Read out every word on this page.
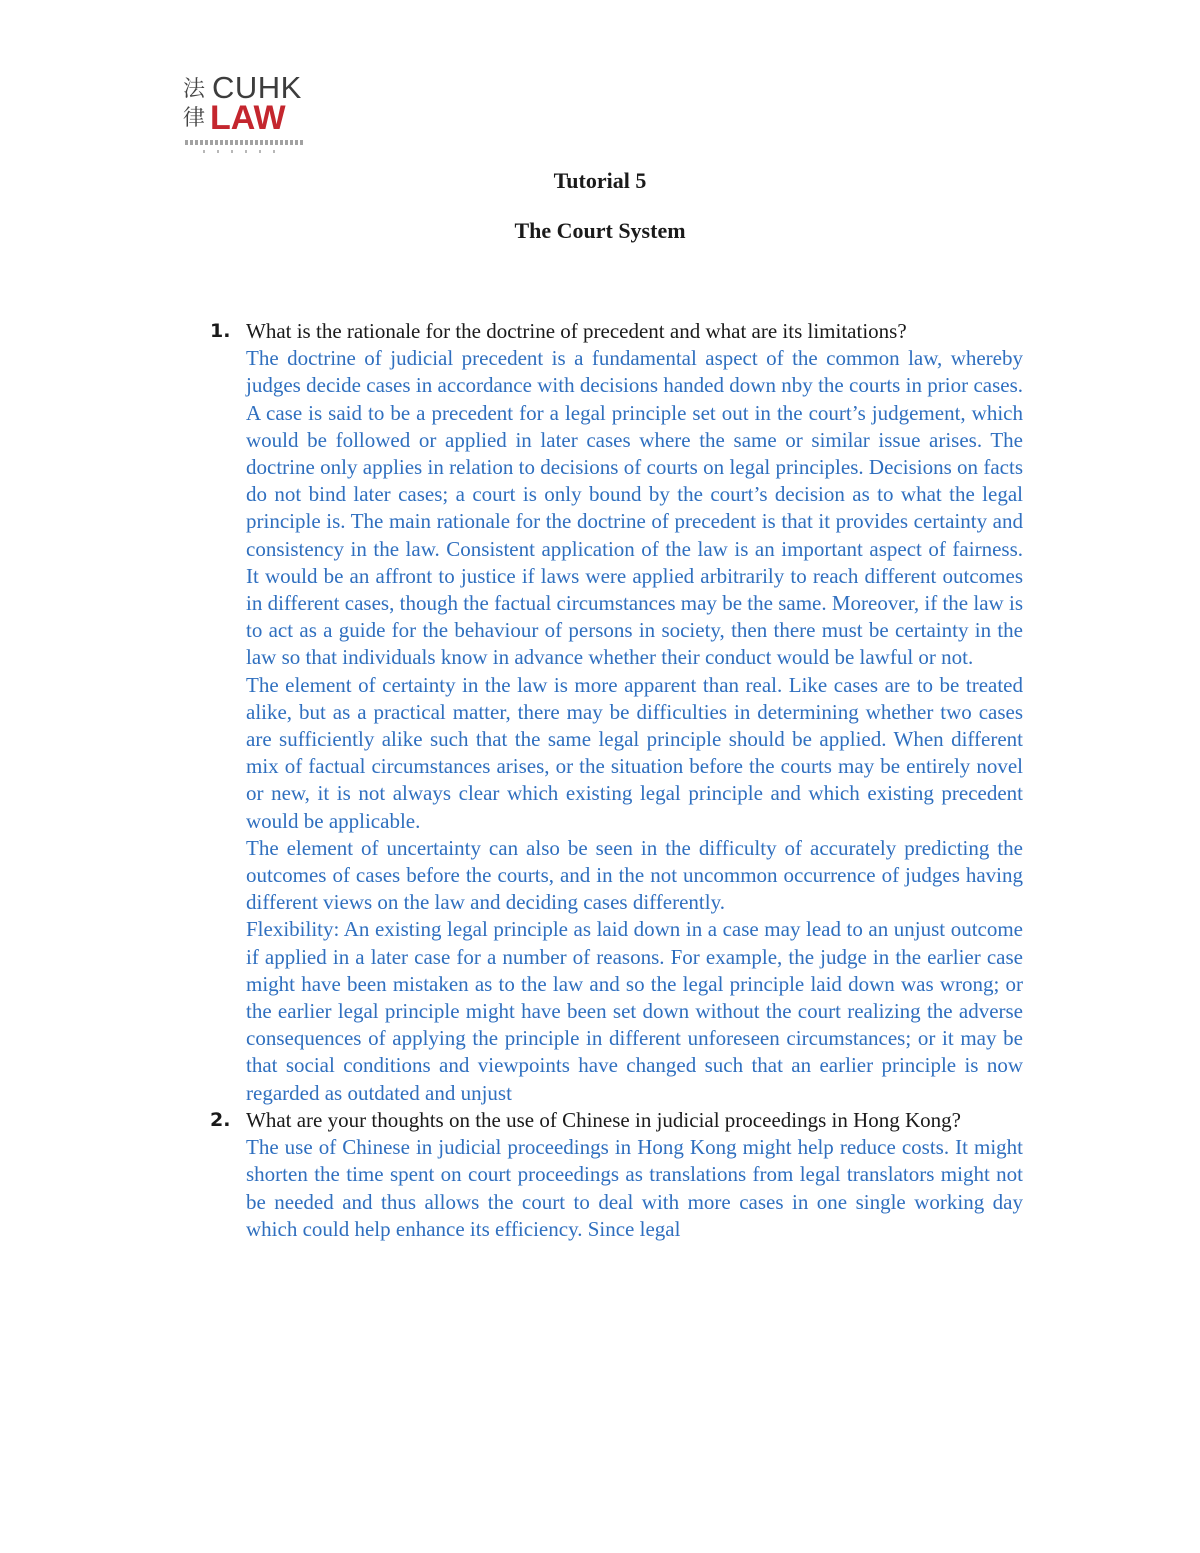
法律
CUHK
LAW
Tutorial 5
The Court System
1. What is the rationale for the doctrine of precedent and what are its limitations?

The doctrine of judicial precedent is a fundamental aspect of the common law, whereby judges decide cases in accordance with decisions handed down nby the courts in prior cases. A case is said to be a precedent for a legal principle set out in the court’s judgement, which would be followed or applied in later cases where the same or similar issue arises. The doctrine only applies in relation to decisions of courts on legal principles. Decisions on facts do not bind later cases; a court is only bound by the court’s decision as to what the legal principle is. The main rationale for the doctrine of precedent is that it provides certainty and consistency in the law. Consistent application of the law is an important aspect of fairness. It would be an affront to justice if laws were applied arbitrarily to reach different outcomes in different cases, though the factual circumstances may be the same. Moreover, if the law is to act as a guide for the behaviour of persons in society, then there must be certainty in the law so that individuals know in advance whether their conduct would be lawful or not.

The element of certainty in the law is more apparent than real. Like cases are to be treated alike, but as a practical matter, there may be difficulties in determining whether two cases are sufficiently alike such that the same legal principle should be applied. When different mix of factual circumstances arises, or the situation before the courts may be entirely novel or new, it is not always clear which existing legal principle and which existing precedent would be applicable.

The element of uncertainty can also be seen in the difficulty of accurately predicting the outcomes of cases before the courts, and in the not uncommon occurrence of judges having different views on the law and deciding cases differently.

Flexibility: An existing legal principle as laid down in a case may lead to an unjust outcome if applied in a later case for a number of reasons. For example, the judge in the earlier case might have been mistaken as to the law and so the legal principle laid down was wrong; or the earlier legal principle might have been set down without the court realizing the adverse consequences of applying the principle in different unforeseen circumstances; or it may be that social conditions and viewpoints have changed such that an earlier principle is now regarded as outdated and unjust

2. What are your thoughts on the use of Chinese in judicial proceedings in Hong Kong?

The use of Chinese in judicial proceedings in Hong Kong might help reduce costs. It might shorten the time spent on court proceedings as translations from legal translators might not be needed and thus allows the court to deal with more cases in one single working day which could help enhance its efficiency. Since legal
